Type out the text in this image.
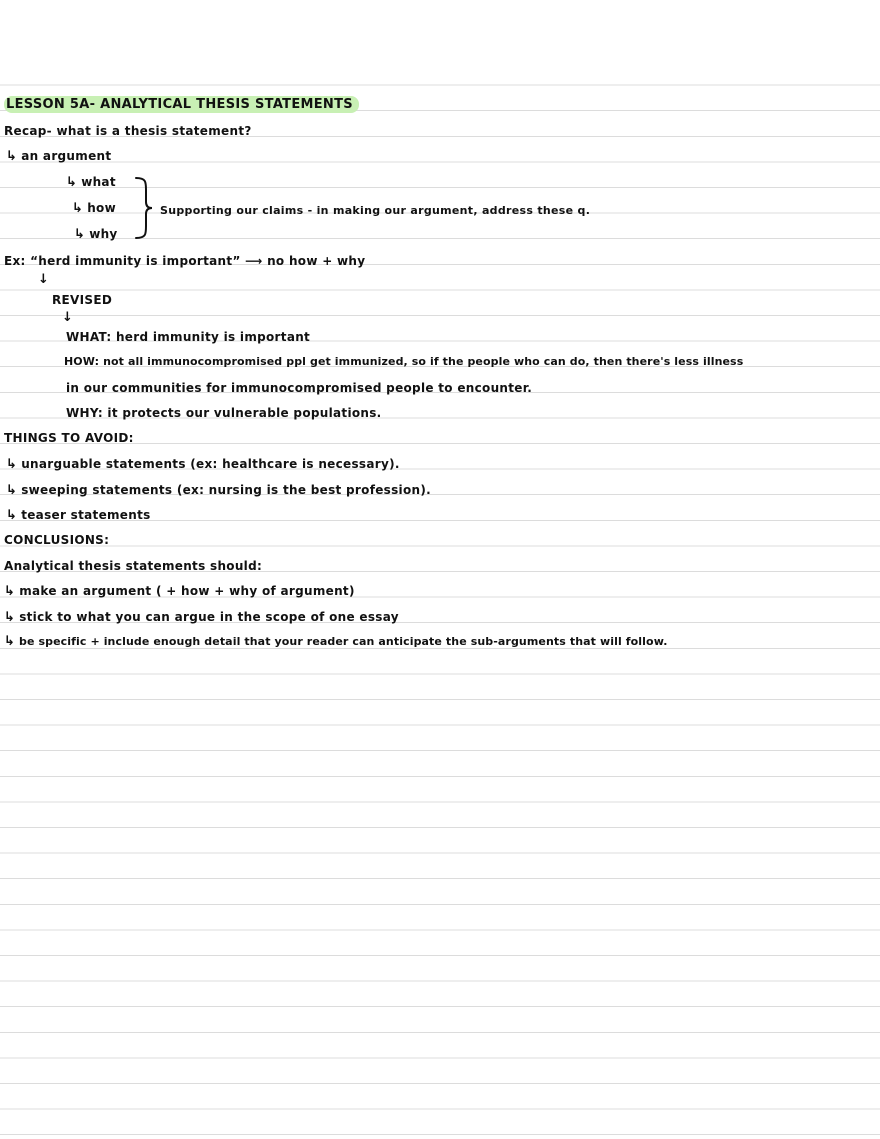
LESSON 5A- ANALYTICAL THESIS STATEMENTS
Recap- what is a thesis statement?
↳ an argument
↳ what
↳ how
↳ why
Supporting our claims - in making our argument, address these q.
Ex: “herd immunity is important” ⟶ no how + why
↓
REVISED
↓
WHAT: herd immunity is important
HOW: not all immunocompromised ppl get immunized, so if the people who can do, then there's less illness
in our communities for immunocompromised people to encounter.
WHY: it protects our vulnerable populations.
THINGS TO AVOID:
↳ unarguable statements (ex: healthcare is necessary).
↳ sweeping statements (ex: nursing is the best profession).
↳ teaser statements
CONCLUSIONS:
Analytical thesis statements should:
↳ make an argument ( + how + why of argument)
↳ stick to what you can argue in the scope of one essay
↳ be specific + include enough detail that your reader can anticipate the sub-arguments that will follow.
